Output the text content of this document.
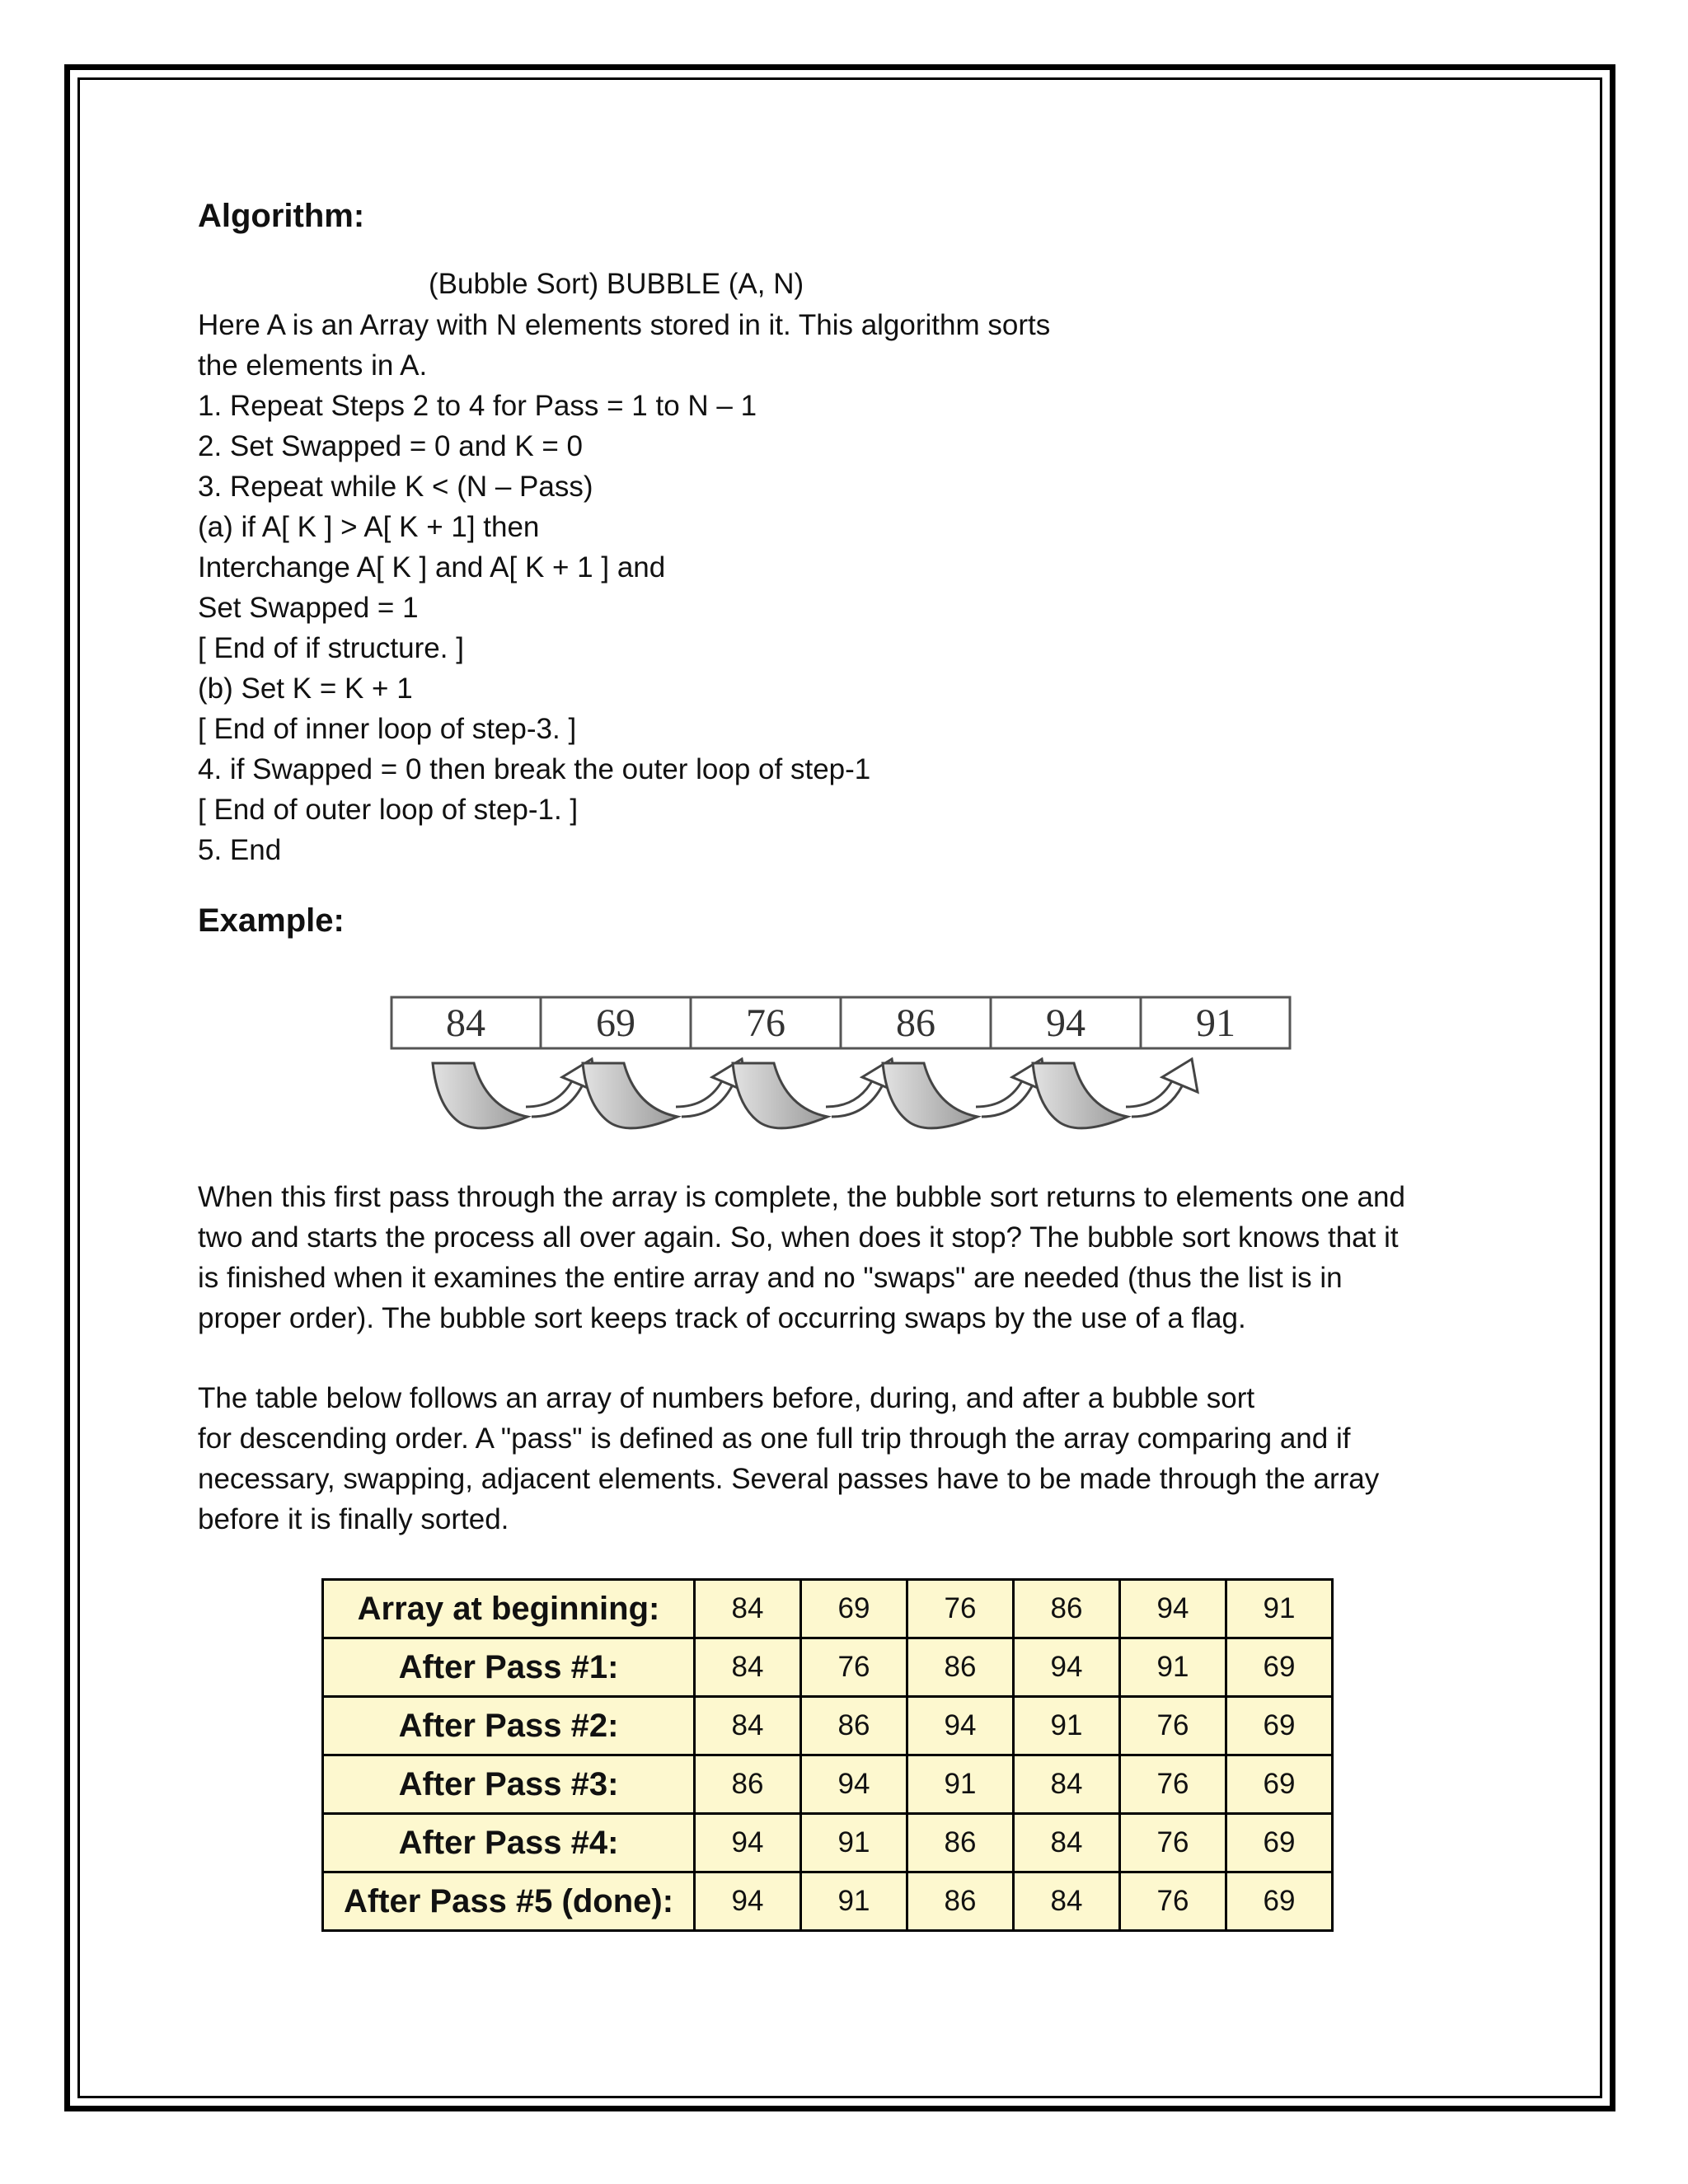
Algorithm:
(Bubble Sort) BUBBLE (A, N)
Here A is an Array with N elements stored in it. This algorithm sorts
the elements in A.
1. Repeat Steps 2 to 4 for Pass = 1 to N – 1
2. Set Swapped = 0 and K = 0
3. Repeat while K < (N – Pass)
(a) if A[ K ] > A[ K + 1] then
Interchange A[ K ] and A[ K + 1 ] and
Set Swapped = 1
[ End of if structure. ]
(b) Set K = K + 1
[ End of inner loop of step-3. ]
4. if Swapped = 0 then break the outer loop of step-1
[ End of outer loop of step-1. ]
5. End
Example:
84	69	76	86	94	91
When this first pass through the array is complete, the bubble sort returns to elements one and
two and starts the process all over again. So, when does it stop? The bubble sort knows that it
is finished when it examines the entire array and no "swaps" are needed (thus the list is in
proper order). The bubble sort keeps track of occurring swaps by the use of a flag.
The table below follows an array of numbers before, during, and after a bubble sort
for descending order. A "pass" is defined as one full trip through the array comparing and if
necessary, swapping, adjacent elements. Several passes have to be made through the array
before it is finally sorted.
Array at beginning:	84	69	76	86	94	91
After Pass #1:	84	76	86	94	91	69
After Pass #2:	84	86	94	91	76	69
After Pass #3:	86	94	91	84	76	69
After Pass #4:	94	91	86	84	76	69
After Pass #5 (done):	94	91	86	84	76	69
